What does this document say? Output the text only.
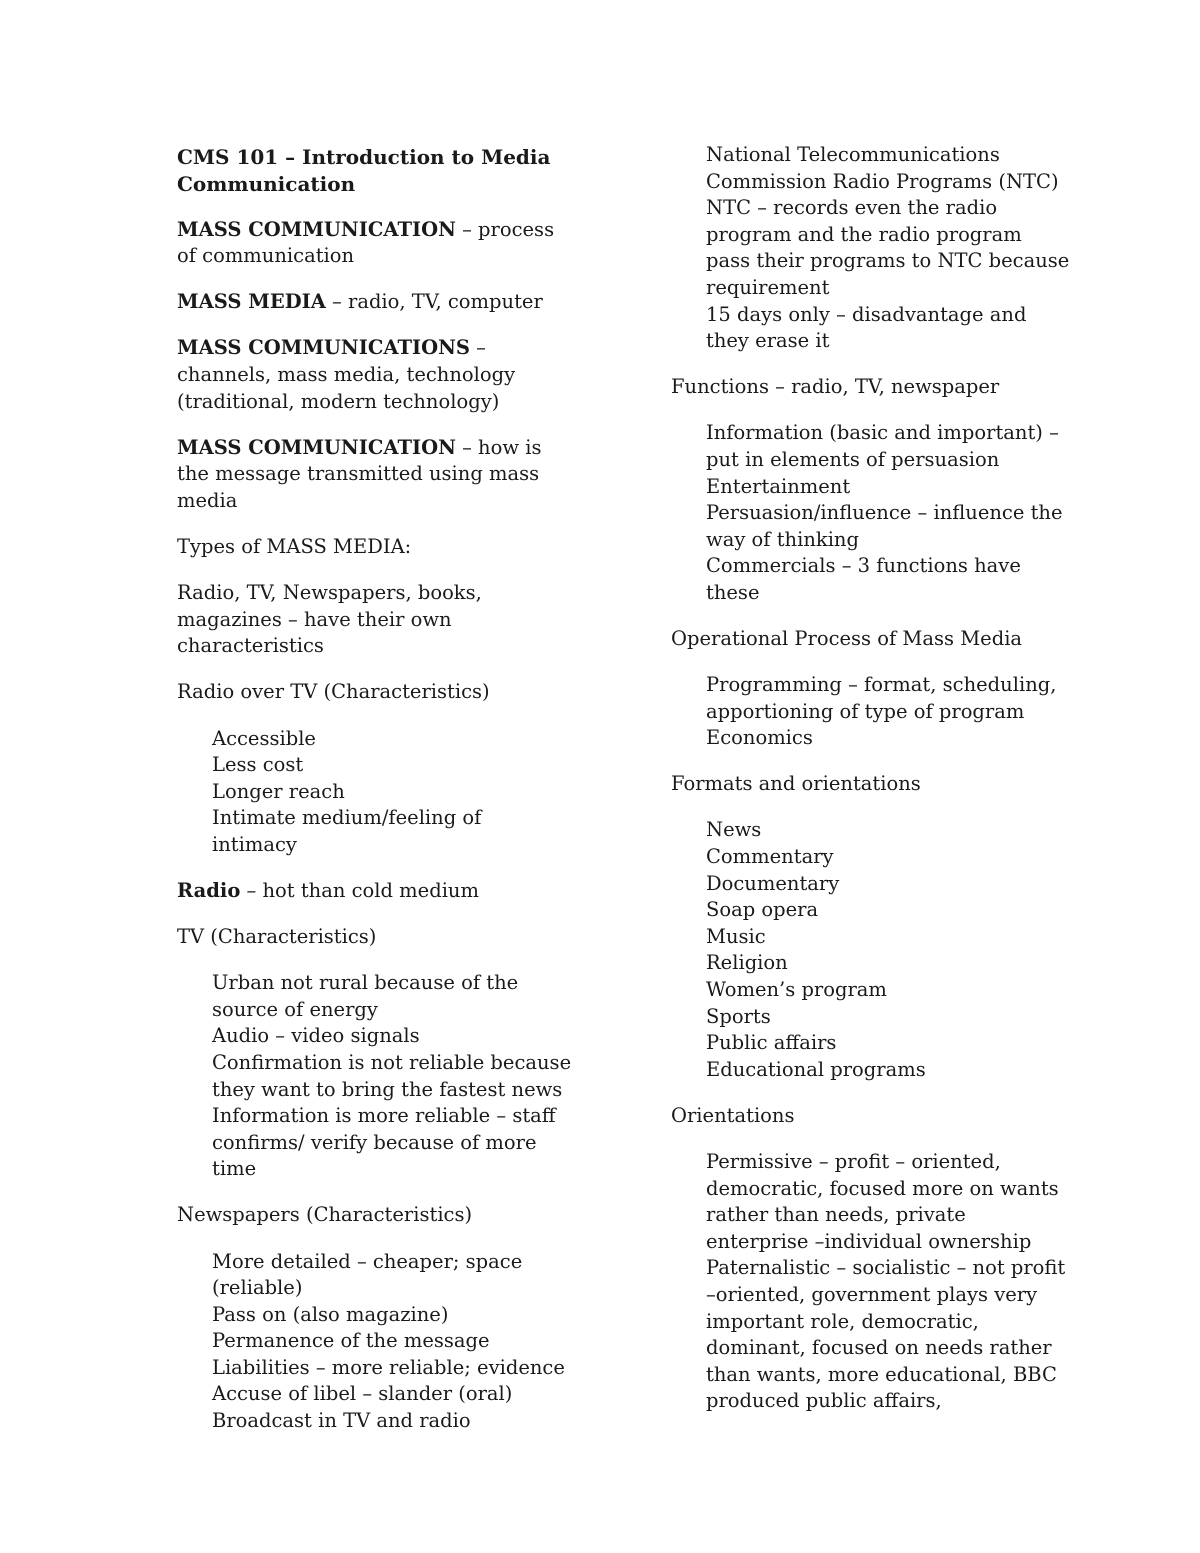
CMS 101 – Introduction to Media Communication
MASS COMMUNICATION – process of communication
MASS MEDIA – radio, TV, computer
MASS COMMUNICATIONS – channels, mass media, technology (traditional, modern technology)
MASS COMMUNICATION – how is the message transmitted using mass media
Types of MASS MEDIA:
Radio, TV, Newspapers, books, magazines – have their own characteristics
Radio over TV (Characteristics)
Accessible
Less cost
Longer reach
Intimate medium/feeling of intimacy
Radio – hot than cold medium
TV (Characteristics)
Urban not rural because of the source of energy
Audio – video signals
Confirmation is not reliable because they want to bring the fastest news
Information is more reliable – staff confirms/ verify because of more time
Newspapers (Characteristics)
More detailed – cheaper; space (reliable)
Pass on (also magazine)
Permanence of the message
Liabilities – more reliable; evidence
Accuse of libel – slander (oral)
Broadcast in TV and radio
National Telecommunications Commission Radio Programs (NTC)
NTC – records even the radio program and the radio program pass their programs to NTC because requirement
15 days only – disadvantage and they erase it
Functions – radio, TV, newspaper
Information (basic and important) – put in elements of persuasion
Entertainment
Persuasion/influence – influence the way of thinking
Commercials – 3 functions have these
Operational Process of Mass Media
Programming – format, scheduling, apportioning of type of program
Economics
Formats and orientations
News
Commentary
Documentary
Soap opera
Music
Religion
Women’s program
Sports
Public affairs
Educational programs
Orientations
Permissive – profit – oriented, democratic, focused more on wants rather than needs, private enterprise –individual ownership
Paternalistic – socialistic – not profit –oriented, government plays very important role, democratic, dominant, focused on needs rather than wants, more educational, BBC produced public affairs,
